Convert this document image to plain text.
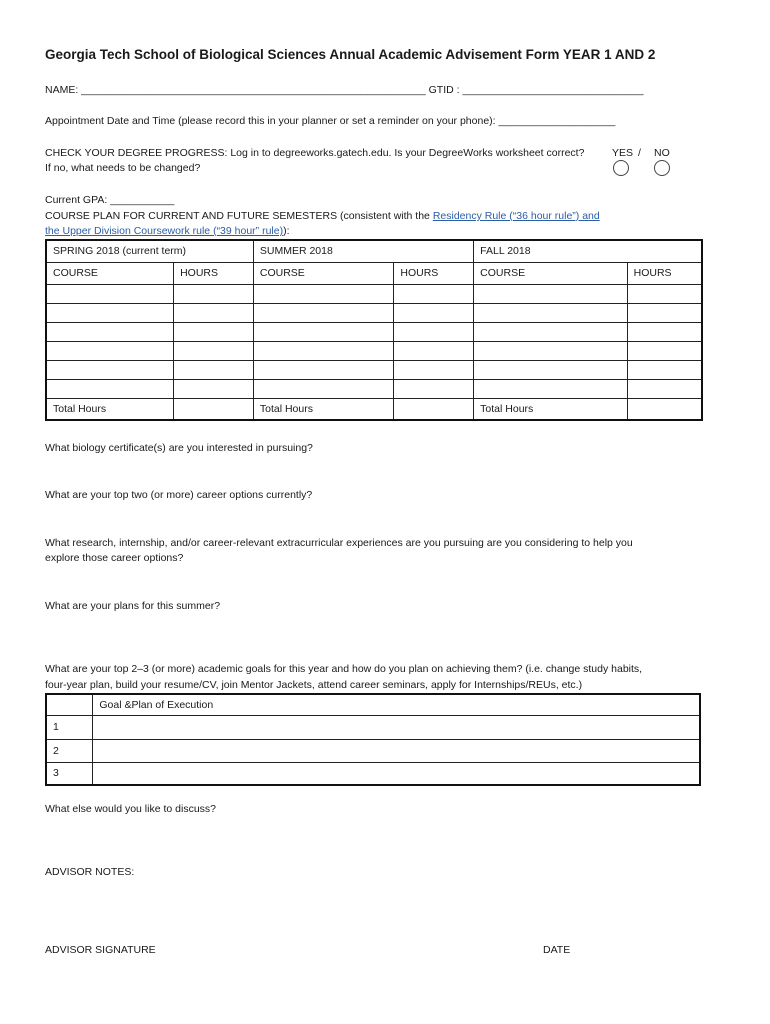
Georgia Tech School of Biological Sciences Annual Academic Advisement Form YEAR 1 AND 2
NAME: ___________________________________________________________ GTID : _______________________________
Appointment Date and Time (please record this in your planner or set a reminder on your phone): ____________________
CHECK YOUR DEGREE PROGRESS: Log in to degreeworks.gatech.edu. Is your DegreeWorks worksheet correct?	YES / NO
If no, what needs to be changed?
Current GPA: ___________
COURSE PLAN FOR CURRENT AND FUTURE SEMESTERS (consistent with the Residency Rule (“36 hour rule”) and
the Upper Division Coursework rule (“39 hour” rule)):
SPRING 2018 (current term)		SUMMER 2018		FALL 2018	
COURSE	HOURS	COURSE	HOURS	COURSE	HOURS

Total Hours		Total Hours		Total Hours	
What biology certificate(s) are you interested in pursuing?
What are your top two (or more) career options currently?
What research, internship, and/or career-relevant extracurricular experiences are you pursuing are you considering to help you
explore those career options?
What are your plans for this summer?
What are your top 2–3 (or more) academic goals for this year and how do you plan on achieving them? (i.e. change study habits,
four-year plan, build your resume/CV, join Mentor Jackets, attend career seminars, apply for Internships/REUs, etc.)
	Goal &Plan of Execution
1	
2	
3	
What else would you like to discuss?
ADVISOR NOTES:
ADVISOR SIGNATURE	DATE
